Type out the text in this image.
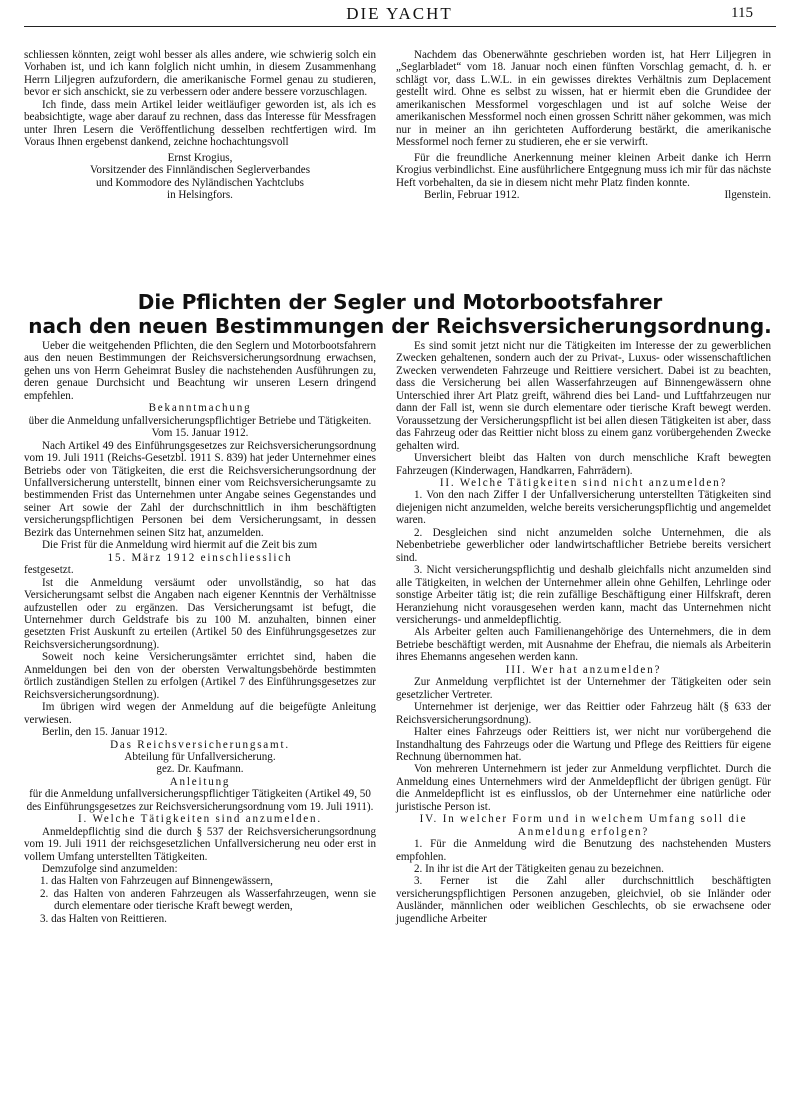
DIE YACHT	115

schliessen könnten, zeigt wohl besser als alles andere, wie schwierig solch ein Vorhaben ist, und ich kann folglich nicht umhin, in diesem Zusammenhang Herrn Liljegren aufzufordern, die amerikanische Formel genau zu studieren, bevor er sich anschickt, sie zu verbessern oder andere bessere vorzuschlagen.

Ich finde, dass mein Artikel leider weitläufiger geworden ist, als ich es beabsichtigte, wage aber darauf zu rechnen, dass das Interesse für Messfragen unter Ihren Lesern die Veröffentlichung desselben rechtfertigen wird. Im Voraus Ihnen ergebenst dankend, zeichne hochachtungsvoll

Ernst Krogius,

Vorsitzender des Finnländischen Seglerverbandes

und Kommodore des Nyländischen Yachtclubs

in Helsingfors.

Nachdem das Obenerwähnte geschrieben worden ist, hat Herr Liljegren in „Seglarbladet“ vom 18. Januar noch einen fünften Vorschlag gemacht, d. h. er schlägt vor, dass L.W.L. in ein gewisses direktes Verhältnis zum Deplacement gestellt wird. Ohne es selbst zu wissen, hat er hiermit eben die Grundidee der amerikanischen Messformel vorgeschlagen und ist auf solche Weise der amerikanischen Messformel noch einen grossen Schritt näher gekommen, was mich nur in meiner an ihn gerichteten Aufforderung bestärkt, die amerikanische Messformel noch ferner zu studieren, ehe er sie verwirft.

Für die freundliche Anerkennung meiner kleinen Arbeit danke ich Herrn Krogius verbindlichst. Eine ausführlichere Entgegnung muss ich mir für das nächste Heft vorbehalten, da sie in diesem nicht mehr Platz finden konnte.

Berlin, Februar 1912.	Ilgenstein.
Die Pflichten der Segler und Motorbootsfahrer
nach den neuen Bestimmungen der Reichsversicherungsordnung.

Ueber die weitgehenden Pflichten, die den Seglern und Motorbootsfahrern aus den neuen Bestimmungen der Reichsversicherungsordnung erwachsen, gehen uns von Herrn Geheimrat Busley die nachstehenden Ausführungen zu, deren genaue Durchsicht und Beachtung wir unseren Lesern dringend empfehlen.

Bekanntmachung

über die Anmeldung unfallversicherungspflichtiger Betriebe und Tätigkeiten. Vom 15. Januar 1912.

Nach Artikel 49 des Einführungsgesetzes zur Reichsversicherungsordnung vom 19. Juli 1911 (Reichs-Gesetzbl. 1911 S. 839) hat jeder Unternehmer eines Betriebs oder von Tätigkeiten, die erst die Reichsversicherungsordnung der Unfallversicherung unterstellt, binnen einer vom Reichsversicherungsamte zu bestimmenden Frist das Unternehmen unter Angabe seines Gegenstandes und seiner Art sowie der Zahl der durchschnittlich in ihm beschäftigten versicherungspflichtigen Personen bei dem Versicherungsamt, in dessen Bezirk das Unternehmen seinen Sitz hat, anzumelden.

Die Frist für die Anmeldung wird hiermit auf die Zeit bis zum

15. März 1912 einschliesslich

festgesetzt.

Ist die Anmeldung versäumt oder unvollständig, so hat das Versicherungsamt selbst die Angaben nach eigener Kenntnis der Verhältnisse aufzustellen oder zu ergänzen. Das Versicherungsamt ist befugt, die Unternehmer durch Geldstrafe bis zu 100 M. anzuhalten, binnen einer gesetzten Frist Auskunft zu erteilen (Artikel 50 des Einführungsgesetzes zur Reichsversicherungsordnung).

Soweit noch keine Versicherungsämter errichtet sind, haben die Anmeldungen bei den von der obersten Verwaltungsbehörde bestimmten örtlich zuständigen Stellen zu erfolgen (Artikel 7 des Einführungsgesetzes zur Reichsversicherungsordnung).

Im übrigen wird wegen der Anmeldung auf die beigefügte Anleitung verwiesen.

Berlin, den 15. Januar 1912.

Das Reichsversicherungsamt.

Abteilung für Unfallversicherung.

gez. Dr. Kaufmann.

Anleitung

für die Anmeldung unfallversicherungspflichtiger Tätigkeiten (Artikel 49, 50 des Einführungsgesetzes zur Reichsversicherungsordnung vom 19. Juli 1911).

I. Welche Tätigkeiten sind anzumelden.

Anmeldepflichtig sind die durch § 537 der Reichsversicherungsordnung vom 19. Juli 1911 der reichsgesetzlichen Unfallversicherung neu oder erst in vollem Umfang unterstellten Tätigkeiten.

Demzufolge sind anzumelden:

1. das Halten von Fahrzeugen auf Binnengewässern,

2. das Halten von anderen Fahrzeugen als Wasserfahrzeugen, wenn sie durch elementare oder tierische Kraft bewegt werden,

3. das Halten von Reittieren.

Es sind somit jetzt nicht nur die Tätigkeiten im Interesse der zu gewerblichen Zwecken gehaltenen, sondern auch der zu Privat-, Luxus- oder wissenschaftlichen Zwecken verwendeten Fahrzeuge und Reittiere versichert. Dabei ist zu beachten, dass die Versicherung bei allen Wasserfahrzeugen auf Binnengewässern ohne Unterschied ihrer Art Platz greift, während dies bei Land- und Luftfahrzeugen nur dann der Fall ist, wenn sie durch elementare oder tierische Kraft bewegt werden. Voraussetzung der Versicherungspflicht ist bei allen diesen Tätigkeiten ist aber, dass das Fahrzeug oder das Reittier nicht bloss zu einem ganz vorübergehenden Zwecke gehalten wird.

Unversichert bleibt das Halten von durch menschliche Kraft bewegten Fahrzeugen (Kinderwagen, Handkarren, Fahrrädern).

II. Welche Tätigkeiten sind nicht anzumelden?

1. Von den nach Ziffer I der Unfallversicherung unterstellten Tätigkeiten sind diejenigen nicht anzumelden, welche bereits versicherungspflichtig und angemeldet waren.

2. Desgleichen sind nicht anzumelden solche Unternehmen, die als Nebenbetriebe gewerblicher oder landwirtschaftlicher Betriebe bereits versichert sind.

3. Nicht versicherungspflichtig und deshalb gleichfalls nicht anzumelden sind alle Tätigkeiten, in welchen der Unternehmer allein ohne Gehilfen, Lehrlinge oder sonstige Arbeiter tätig ist; die rein zufällige Beschäftigung einer Hilfskraft, deren Heranziehung nicht vorausgesehen werden kann, macht das Unternehmen nicht versicherungs- und anmeldepflichtig.

Als Arbeiter gelten auch Familienangehörige des Unternehmers, die in dem Betriebe beschäftigt werden, mit Ausnahme der Ehefrau, die niemals als Arbeiterin ihres Ehemanns angesehen werden kann.

III. Wer hat anzumelden?

Zur Anmeldung verpflichtet ist der Unternehmer der Tätigkeiten oder sein gesetzlicher Vertreter.

Unternehmer ist derjenige, wer das Reittier oder Fahrzeug hält (§ 633 der Reichsversicherungsordnung).

Halter eines Fahrzeugs oder Reittiers ist, wer nicht nur vorübergehend die Instandhaltung des Fahrzeugs oder die Wartung und Pflege des Reittiers für eigene Rechnung übernommen hat.

Von mehreren Unternehmern ist jeder zur Anmeldung verpflichtet. Durch die Anmeldung eines Unternehmers wird der Anmeldepflicht der übrigen genügt. Für die Anmeldepflicht ist es einflusslos, ob der Unternehmer eine natürliche oder juristische Person ist.

IV. In welcher Form und in welchem Umfang soll die Anmeldung erfolgen?

1. Für die Anmeldung wird die Benutzung des nachstehenden Musters empfohlen.

2. In ihr ist die Art der Tätigkeiten genau zu bezeichnen.

3. Ferner ist die Zahl aller durchschnittlich beschäftigten versicherungspflichtigen Personen anzugeben, gleichviel, ob sie Inländer oder Ausländer, männlichen oder weiblichen Geschlechts, ob sie erwachsene oder jugendliche Arbeiter
